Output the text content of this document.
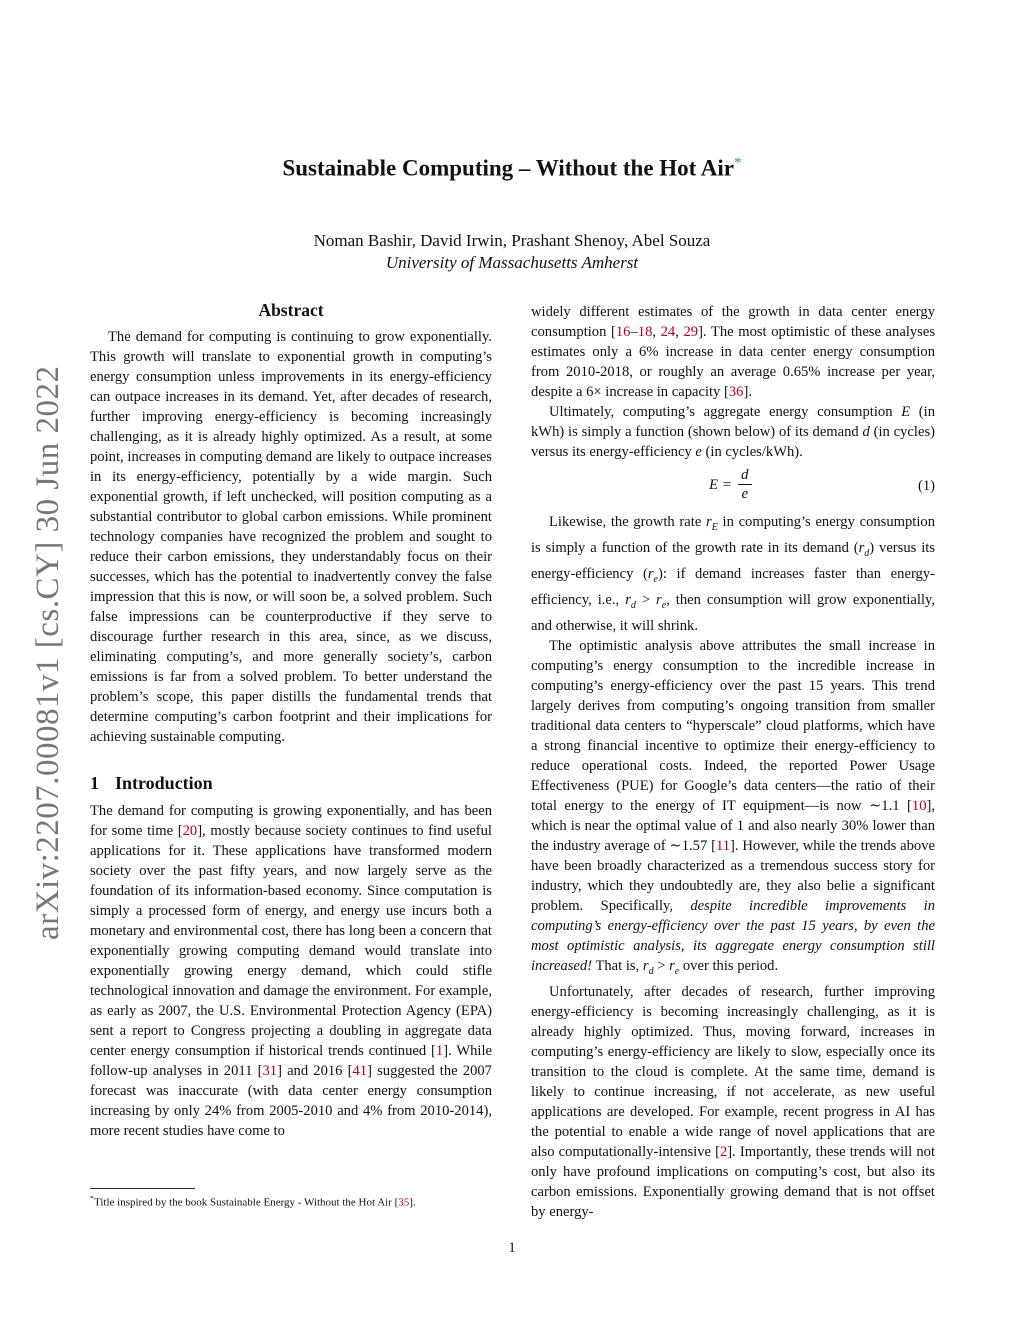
arXiv:2207.00081v1 [cs.CY] 30 Jun 2022
Sustainable Computing – Without the Hot Air*
Noman Bashir, David Irwin, Prashant Shenoy, Abel Souza
University of Massachusetts Amherst
Abstract

The demand for computing is continuing to grow exponentially. This growth will translate to exponential growth in computing’s energy consumption unless improvements in its energy-efficiency can outpace increases in its demand. Yet, after decades of research, further improving energy-efficiency is becoming increasingly challenging, as it is already highly optimized. As a result, at some point, increases in computing demand are likely to outpace increases in its energy-efficiency, potentially by a wide margin. Such exponential growth, if left unchecked, will position computing as a substantial contributor to global carbon emissions. While prominent technology companies have recognized the problem and sought to reduce their carbon emissions, they understandably focus on their successes, which has the potential to inadvertently convey the false impression that this is now, or will soon be, a solved problem. Such false impressions can be counterproductive if they serve to discourage further research in this area, since, as we discuss, eliminating computing’s, and more generally society’s, carbon emissions is far from a solved problem. To better understand the problem’s scope, this paper distills the fundamental trends that determine computing’s carbon footprint and their implications for achieving sustainable computing.

1 Introduction

The demand for computing is growing exponentially, and has been for some time [20], mostly because society continues to find useful applications for it. These applications have transformed modern society over the past fifty years, and now largely serve as the foundation of its information-based economy. Since computation is simply a processed form of energy, and energy use incurs both a monetary and environmental cost, there has long been a concern that exponentially growing computing demand would translate into exponentially growing energy demand, which could stifle technological innovation and damage the environment. For example, as early as 2007, the U.S. Environmental Protection Agency (EPA) sent a report to Congress projecting a doubling in aggregate data center energy consumption if historical trends continued [1]. While follow-up analyses in 2011 [31] and 2016 [41] suggested the 2007 forecast was inaccurate (with data center energy consumption increasing by only 24% from 2005-2010 and 4% from 2010-2014), more recent studies have come to

widely different estimates of the growth in data center energy consumption [16–18, 24, 29]. The most optimistic of these analyses estimates only a 6% increase in data center energy consumption from 2010-2018, or roughly an average 0.65% increase per year, despite a 6× increase in capacity [36].

Ultimately, computing’s aggregate energy consumption E (in kWh) is simply a function (shown below) of its demand d (in cycles) versus its energy-efficiency e (in cycles/kWh).

$E = \frac{d}{e}$	(1)

Likewise, the growth rate $r_E$ in computing’s energy consumption is simply a function of the growth rate in its demand $(r_d)$ versus its energy-efficiency $(r_e)$: if demand increases faster than energy-efficiency, i.e., $r_d > r_e$, then consumption will grow exponentially, and otherwise, it will shrink.

The optimistic analysis above attributes the small increase in computing’s energy consumption to the incredible increase in computing’s energy-efficiency over the past 15 years. This trend largely derives from computing’s ongoing transition from smaller traditional data centers to “hyperscale” cloud platforms, which have a strong financial incentive to optimize their energy-efficiency to reduce operational costs. Indeed, the reported Power Usage Effectiveness (PUE) for Google’s data centers—the ratio of their total energy to the energy of IT equipment—is now ∼1.1 [10], which is near the optimal value of 1 and also nearly 30% lower than the industry average of ∼1.57 [11]. However, while the trends above have been broadly characterized as a tremendous success story for industry, which they undoubtedly are, they also belie a significant problem. Specifically, despite incredible improvements in computing’s energy-efficiency over the past 15 years, by even the most optimistic analysis, its aggregate energy consumption still increased! That is, $r_d > r_e$ over this period.

Unfortunately, after decades of research, further improving energy-efficiency is becoming increasingly challenging, as it is already highly optimized. Thus, moving forward, increases in computing’s energy-efficiency are likely to slow, especially once its transition to the cloud is complete. At the same time, demand is likely to continue increasing, if not accelerate, as new useful applications are developed. For example, recent progress in AI has the potential to enable a wide range of novel applications that are also computationally-intensive [2]. Importantly, these trends will not only have profound implications on computing’s cost, but also its carbon emissions. Exponentially growing demand that is not offset by energy-

*Title inspired by the book Sustainable Energy - Without the Hot Air [35].
1
